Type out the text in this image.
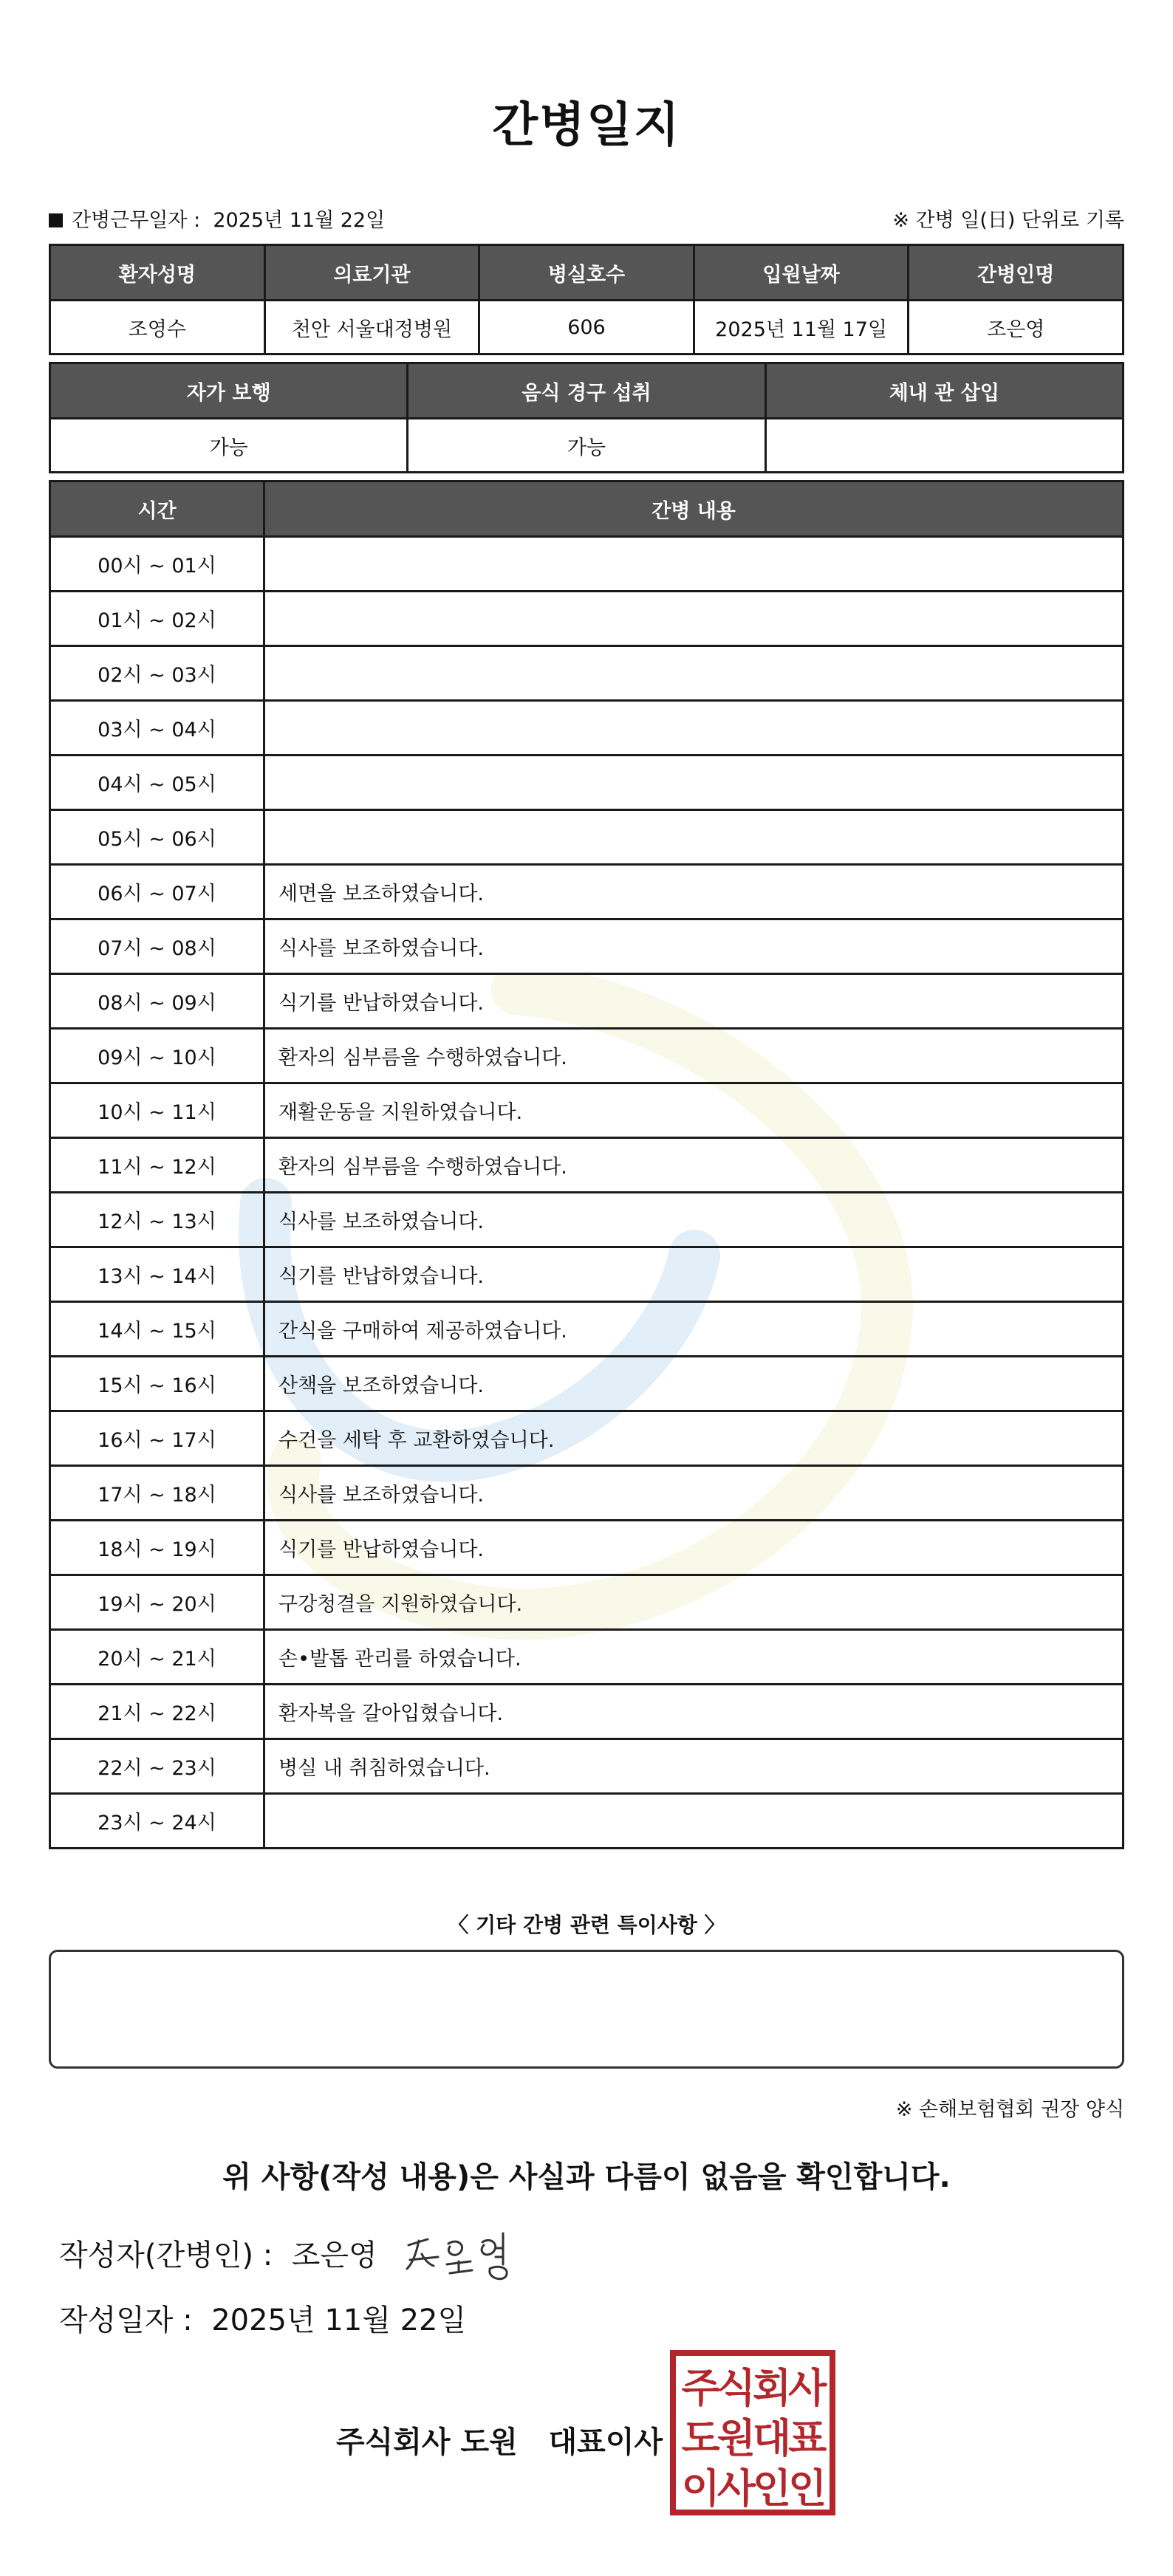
간병일지
간병근무일자 : 2025년 11월 22일	※ 간병 일(日) 단위로 기록
환자성명	의료기관	병실호수	입원날짜	간병인명
조영수	천안 서울대정병원	606	2025년 11월 17일	조은영
자가 보행	음식 경구 섭취	체내 관 삽입
가능	가능	
시간	간병 내용
00시 ~ 01시	
01시 ~ 02시	
02시 ~ 03시	
03시 ~ 04시	
04시 ~ 05시	
05시 ~ 06시	
06시 ~ 07시	세면을 보조하였습니다.
07시 ~ 08시	식사를 보조하였습니다.
08시 ~ 09시	식기를 반납하였습니다.
09시 ~ 10시	환자의 심부름을 수행하였습니다.
10시 ~ 11시	재활운동을 지원하였습니다.
11시 ~ 12시	환자의 심부름을 수행하였습니다.
12시 ~ 13시	식사를 보조하였습니다.
13시 ~ 14시	식기를 반납하였습니다.
14시 ~ 15시	간식을 구매하여 제공하였습니다.
15시 ~ 16시	산책을 보조하였습니다.
16시 ~ 17시	수건을 세탁 후 교환하였습니다.
17시 ~ 18시	식사를 보조하였습니다.
18시 ~ 19시	식기를 반납하였습니다.
19시 ~ 20시	구강청결을 지원하였습니다.
20시 ~ 21시	손•발톱 관리를 하였습니다.
21시 ~ 22시	환자복을 갈아입혔습니다.
22시 ~ 23시	병실 내 취침하였습니다.
23시 ~ 24시	
〈 기타 간병 관련 특이사항 〉
※ 손해보험협회 권장 양식
위 사항(작성 내용)은 사실과 다름이 없음을 확인합니다.
작성자(간병인) : 조은영
작성일자 : 2025년 11월 22일
주식회사 도원 대표이사
주식회사
도원대표
이사인인
